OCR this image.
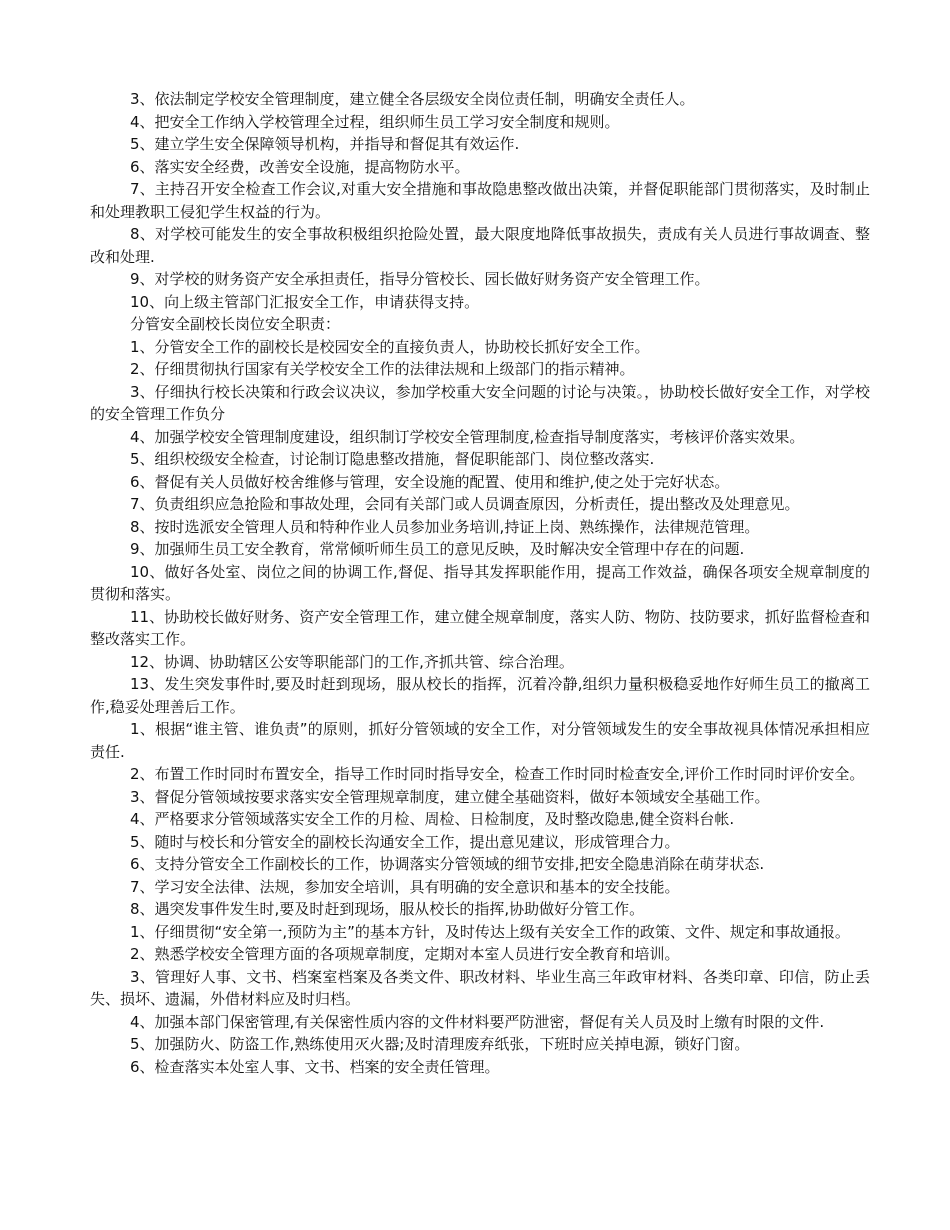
3、依法制定学校安全管理制度，建立健全各层级安全岗位责任制，明确安全责任人。

4、把安全工作纳入学校管理全过程，组织师生员工学习安全制度和规则。

5、建立学生安全保障领导机构，并指导和督促其有效运作.

6、落实安全经费，改善安全设施，提高物防水平。

7、主持召开安全检查工作会议,对重大安全措施和事故隐患整改做出决策，并督促职能部门贯彻落实，及时制止和处理教职工侵犯学生权益的行为。

8、对学校可能发生的安全事故积极组织抢险处置，最大限度地降低事故损失，责成有关人员进行事故调查、整改和处理.

9、对学校的财务资产安全承担责任，指导分管校长、园长做好财务资产安全管理工作。

10、向上级主管部门汇报安全工作，申请获得支持。

分管安全副校长岗位安全职责：

1、分管安全工作的副校长是校园安全的直接负责人，协助校长抓好安全工作。

2、仔细贯彻执行国家有关学校安全工作的法律法规和上级部门的指示精神。

3、仔细执行校长决策和行政会议决议，参加学校重大安全问题的讨论与决策。，协助校长做好安全工作，对学校的安全管理工作负分

4、加强学校安全管理制度建设，组织制订学校安全管理制度,检查指导制度落实，考核评价落实效果。

5、组织校级安全检查，讨论制订隐患整改措施，督促职能部门、岗位整改落实.

6、督促有关人员做好校舍维修与管理，安全设施的配置、使用和维护,使之处于完好状态。

7、负责组织应急抢险和事故处理，会同有关部门或人员调查原因，分析责任，提出整改及处理意见。

8、按时选派安全管理人员和特种作业人员参加业务培训,持证上岗、熟练操作，法律规范管理。

9、加强师生员工安全教育，常常倾听师生员工的意见反映，及时解决安全管理中存在的问题.

10、做好各处室、岗位之间的协调工作,督促、指导其发挥职能作用，提高工作效益，确保各项安全规章制度的贯彻和落实。

11、协助校长做好财务、资产安全管理工作，建立健全规章制度，落实人防、物防、技防要求，抓好监督检查和整改落实工作。

12、协调、协助辖区公安等职能部门的工作,齐抓共管、综合治理。

13、发生突发事件时,要及时赶到现场，服从校长的指挥，沉着冷静,组织力量积极稳妥地作好师生员工的撤离工作,稳妥处理善后工作。

1、根据“谁主管、谁负责”的原则，抓好分管领域的安全工作，对分管领域发生的安全事故视具体情况承担相应责任.

2、布置工作时同时布置安全，指导工作时同时指导安全，检查工作时同时检查安全,评价工作时同时评价安全。

3、督促分管领域按要求落实安全管理规章制度，建立健全基础资料，做好本领域安全基础工作。

4、严格要求分管领域落实安全工作的月检、周检、日检制度，及时整改隐患,健全资料台帐.

5、随时与校长和分管安全的副校长沟通安全工作，提出意见建议，形成管理合力。

6、支持分管安全工作副校长的工作，协调落实分管领域的细节安排,把安全隐患消除在萌芽状态.

7、学习安全法律、法规，参加安全培训，具有明确的安全意识和基本的安全技能。

8、遇突发事件发生时,要及时赶到现场，服从校长的指挥,协助做好分管工作。

1、仔细贯彻“安全第一,预防为主”的基本方针，及时传达上级有关安全工作的政策、文件、规定和事故通报。

2、熟悉学校安全管理方面的各项规章制度，定期对本室人员进行安全教育和培训。

3、管理好人事、文书、档案室档案及各类文件、职改材料、毕业生高三年政审材料、各类印章、印信，防止丢失、损坏、遗漏，外借材料应及时归档。

4、加强本部门保密管理,有关保密性质内容的文件材料要严防泄密，督促有关人员及时上缴有时限的文件.

5、加强防火、防盗工作,熟练使用灭火器;及时清理废弃纸张，下班时应关掉电源，锁好门窗。

6、检查落实本处室人事、文书、档案的安全责任管理。
